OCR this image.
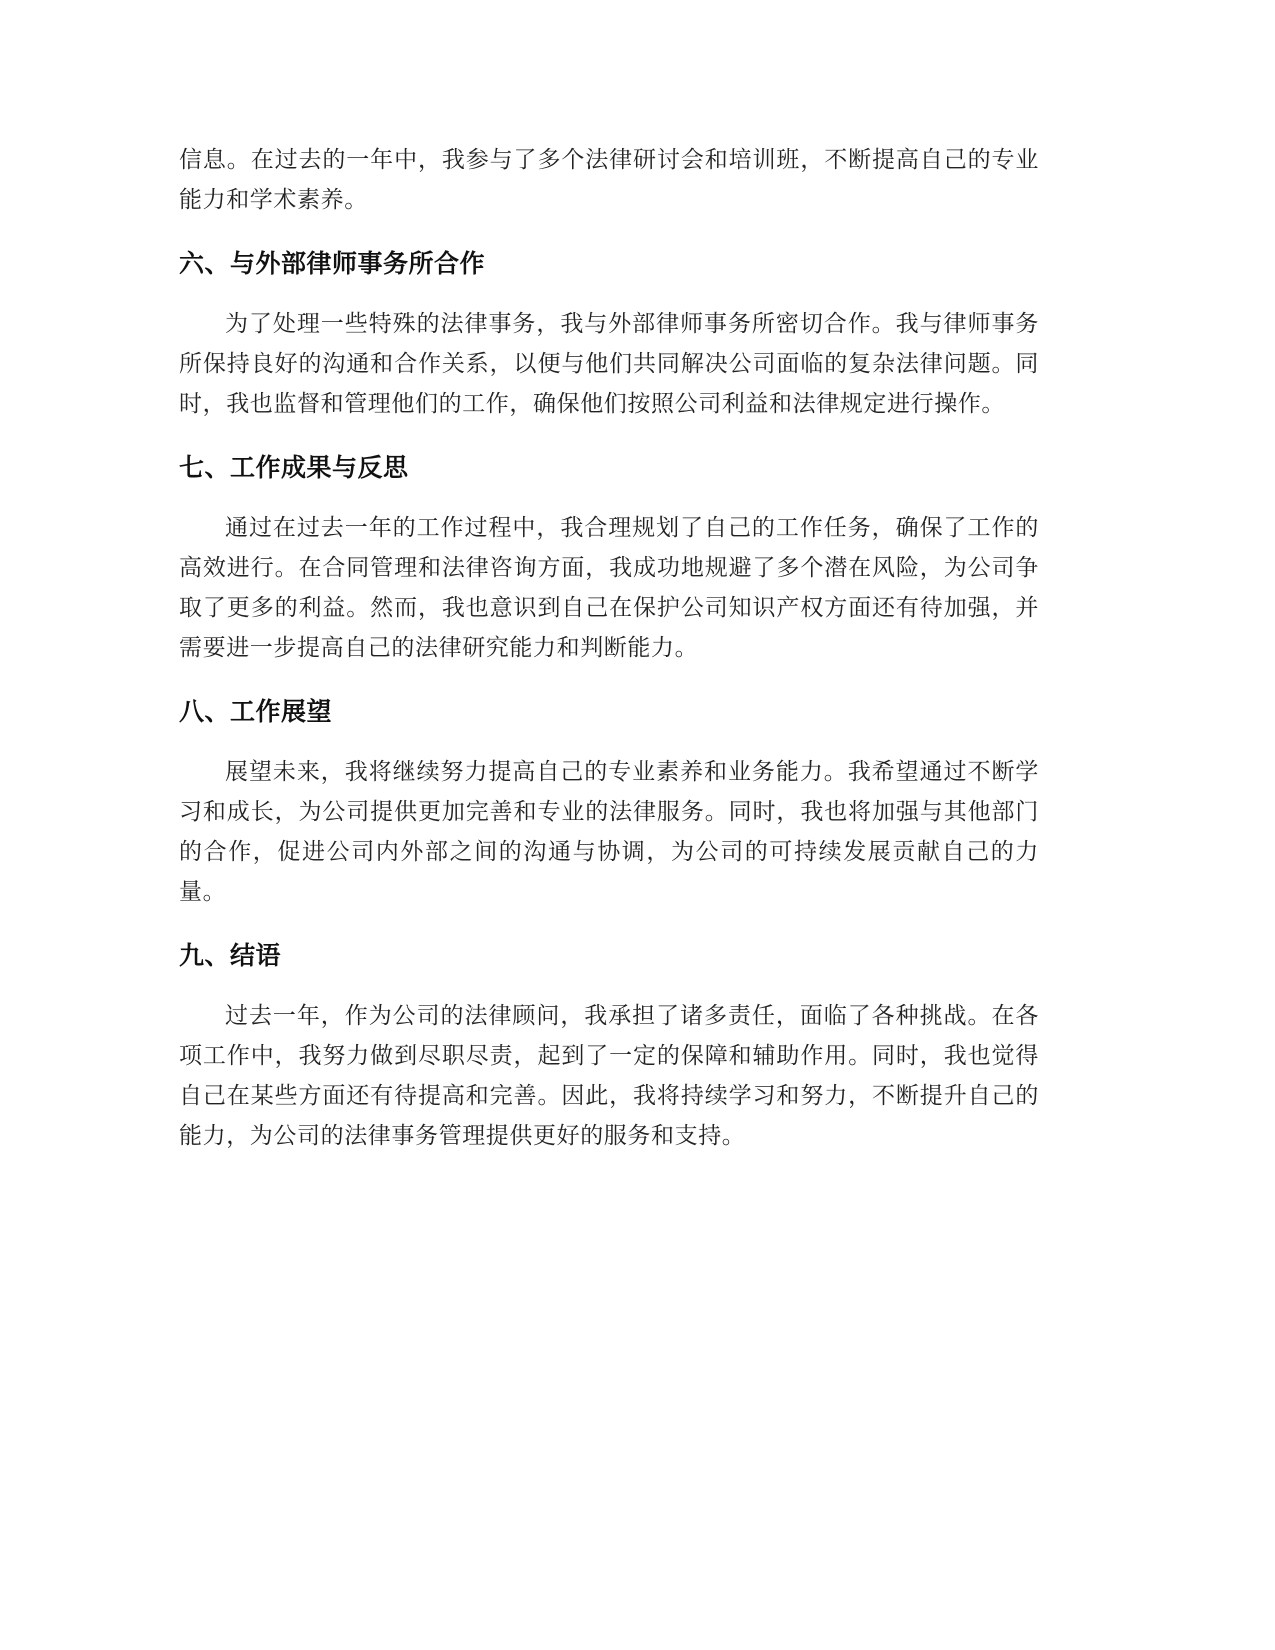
信息。在过去的一年中，我参与了多个法律研讨会和培训班，不断提高自己的专业能力和学术素养。

六、与外部律师事务所合作

为了处理一些特殊的法律事务，我与外部律师事务所密切合作。我与律师事务所保持良好的沟通和合作关系，以便与他们共同解决公司面临的复杂法律问题。同时，我也监督和管理他们的工作，确保他们按照公司利益和法律规定进行操作。

七、工作成果与反思

通过在过去一年的工作过程中，我合理规划了自己的工作任务，确保了工作的高效进行。在合同管理和法律咨询方面，我成功地规避了多个潜在风险，为公司争取了更多的利益。然而，我也意识到自己在保护公司知识产权方面还有待加强，并需要进一步提高自己的法律研究能力和判断能力。

八、工作展望

展望未来，我将继续努力提高自己的专业素养和业务能力。我希望通过不断学习和成长，为公司提供更加完善和专业的法律服务。同时，我也将加强与其他部门的合作，促进公司内外部之间的沟通与协调，为公司的可持续发展贡献自己的力量。

九、结语

过去一年，作为公司的法律顾问，我承担了诸多责任，面临了各种挑战。在各项工作中，我努力做到尽职尽责，起到了一定的保障和辅助作用。同时，我也觉得自己在某些方面还有待提高和完善。因此，我将持续学习和努力，不断提升自己的能力，为公司的法律事务管理提供更好的服务和支持。
